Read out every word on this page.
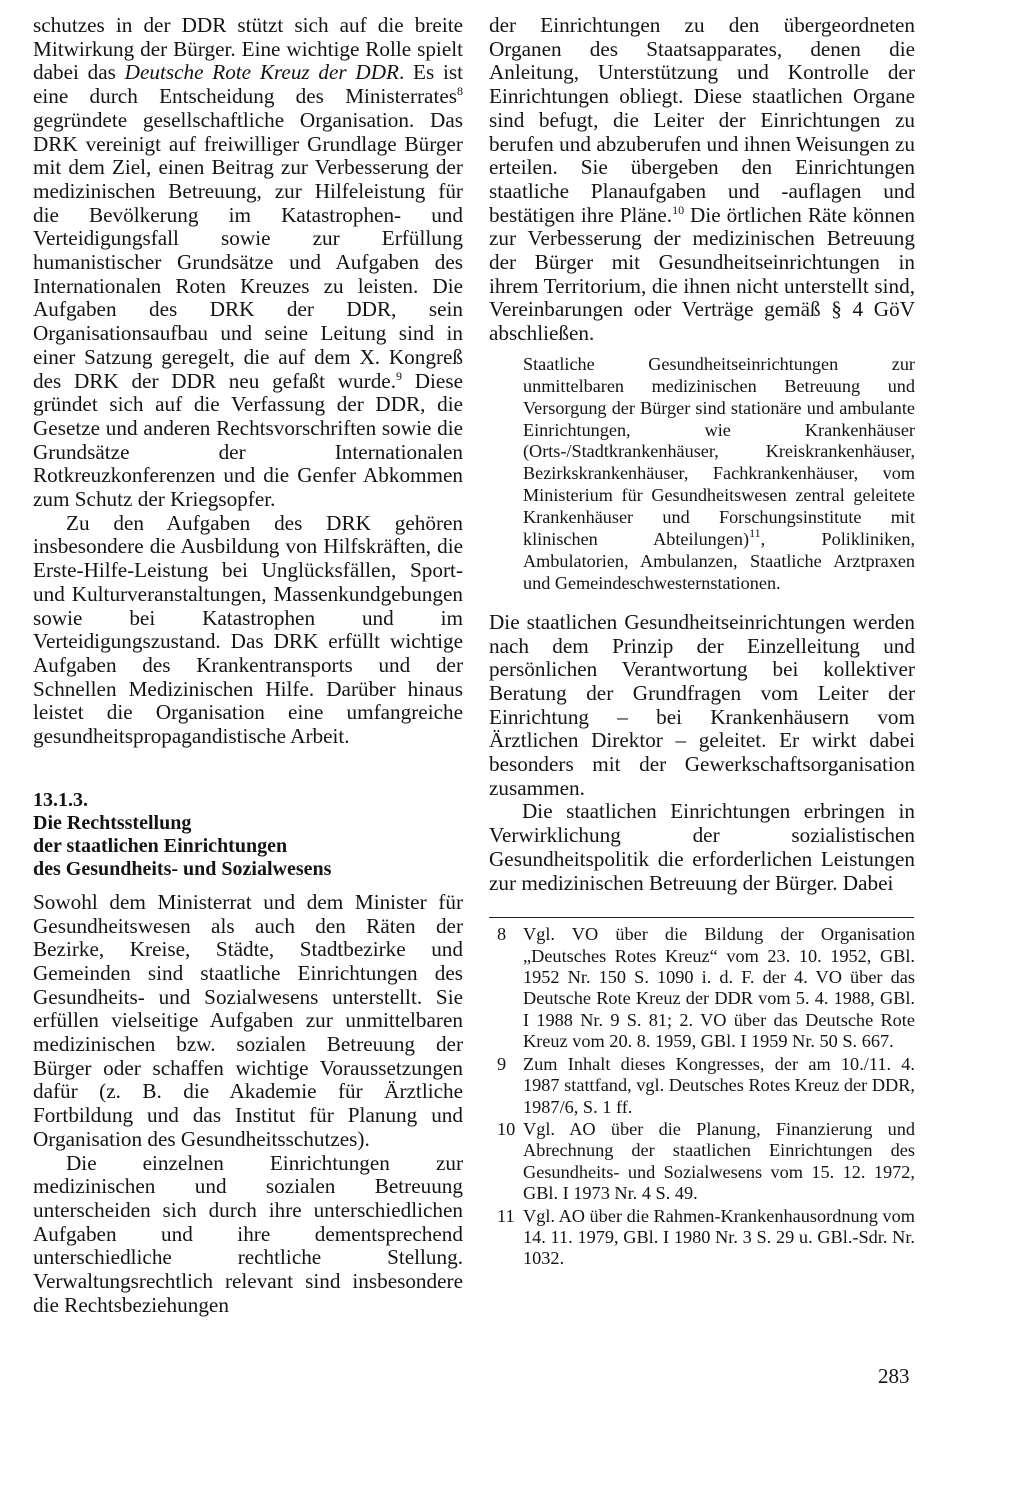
schutzes in der DDR stützt sich auf die breite Mitwirkung der Bürger. Eine wichtige Rolle spielt dabei das Deutsche Rote Kreuz der DDR. Es ist eine durch Entscheidung des Ministerrates$^8$ gegründete gesellschaftliche Organisation. Das DRK vereinigt auf freiwilliger Grundlage Bürger mit dem Ziel, einen Beitrag zur Verbesserung der medizinischen Betreuung, zur Hilfeleistung für die Bevölkerung im Katastrophen- und Verteidigungsfall sowie zur Erfüllung humanistischer Grundsätze und Aufgaben des Internationalen Roten Kreuzes zu leisten. Die Aufgaben des DRK der DDR, sein Organisationsaufbau und seine Leitung sind in einer Satzung geregelt, die auf dem X. Kongreß des DRK der DDR neu gefaßt wurde.$^9$ Diese gründet sich auf die Verfassung der DDR, die Gesetze und anderen Rechtsvorschriften sowie die Grundsätze der Internationalen Rotkreuzkonferenzen und die Genfer Abkommen zum Schutz der Kriegsopfer.

Zu den Aufgaben des DRK gehören insbesondere die Ausbildung von Hilfskräften, die Erste-Hilfe-Leistung bei Unglücksfällen, Sport- und Kulturveranstaltungen, Massenkundgebungen sowie bei Katastrophen und im Verteidigungszustand. Das DRK erfüllt wichtige Aufgaben des Krankentransports und der Schnellen Medizinischen Hilfe. Darüber hinaus leistet die Organisation eine umfangreiche gesundheitspropagandistische Arbeit.

13.1.3.
Die Rechtsstellung
der staatlichen Einrichtungen
des Gesundheits- und Sozialwesens

Sowohl dem Ministerrat und dem Minister für Gesundheitswesen als auch den Räten der Bezirke, Kreise, Städte, Stadtbezirke und Gemeinden sind staatliche Einrichtungen des Gesundheits- und Sozialwesens unterstellt. Sie erfüllen vielseitige Aufgaben zur unmittelbaren medizinischen bzw. sozialen Betreuung der Bürger oder schaffen wichtige Voraussetzungen dafür (z. B. die Akademie für Ärztliche Fortbildung und das Institut für Planung und Organisation des Gesundheitsschutzes).

Die einzelnen Einrichtungen zur medizinischen und sozialen Betreuung unterscheiden sich durch ihre unterschiedlichen Aufgaben und ihre dementsprechend unterschiedliche rechtliche Stellung. Verwaltungsrechtlich relevant sind insbesondere die Rechtsbeziehungen

der Einrichtungen zu den übergeordneten Organen des Staatsapparates, denen die Anleitung, Unterstützung und Kontrolle der Einrichtungen obliegt. Diese staatlichen Organe sind befugt, die Leiter der Einrichtungen zu berufen und abzuberufen und ihnen Weisungen zu erteilen. Sie übergeben den Einrichtungen staatliche Planaufgaben und -auflagen und bestätigen ihre Pläne.$^{10}$ Die örtlichen Räte können zur Verbesserung der medizinischen Betreuung der Bürger mit Gesundheitseinrichtungen in ihrem Territorium, die ihnen nicht unterstellt sind, Vereinbarungen oder Verträge gemäß § 4 GöV abschließen.

Staatliche Gesundheitseinrichtungen zur unmittelbaren medizinischen Betreuung und Versorgung der Bürger sind stationäre und ambulante Einrichtungen, wie Krankenhäuser (Orts-/Stadtkrankenhäuser, Kreiskrankenhäuser, Bezirkskrankenhäuser, Fachkrankenhäuser, vom Ministerium für Gesundheitswesen zentral geleitete Krankenhäuser und Forschungsinstitute mit klinischen Abteilungen)$^{11}$, Polikliniken, Ambulatorien, Ambulanzen, Staatliche Arztpraxen und Gemeindeschwesternstationen.

Die staatlichen Gesundheitseinrichtungen werden nach dem Prinzip der Einzelleitung und persönlichen Verantwortung bei kollektiver Beratung der Grundfragen vom Leiter der Einrichtung – bei Krankenhäusern vom Ärztlichen Direktor – geleitet. Er wirkt dabei besonders mit der Gewerkschaftsorganisation zusammen.

Die staatlichen Einrichtungen erbringen in Verwirklichung der sozialistischen Gesundheitspolitik die erforderlichen Leistungen zur medizinischen Betreuung der Bürger. Dabei

8 Vgl. VO über die Bildung der Organisation „Deutsches Rotes Kreuz“ vom 23. 10. 1952, GBl. 1952 Nr. 150 S. 1090 i. d. F. der 4. VO über das Deutsche Rote Kreuz der DDR vom 5. 4. 1988, GBl. I 1988 Nr. 9 S. 81; 2. VO über das Deutsche Rote Kreuz vom 20. 8. 1959, GBl. I 1959 Nr. 50 S. 667.
9 Zum Inhalt dieses Kongresses, der am 10./11. 4. 1987 stattfand, vgl. Deutsches Rotes Kreuz der DDR, 1987/6, S. 1 ff.
10 Vgl. AO über die Planung, Finanzierung und Abrechnung der staatlichen Einrichtungen des Gesundheits- und Sozialwesens vom 15. 12. 1972, GBl. I 1973 Nr. 4 S. 49.
11 Vgl. AO über die Rahmen-Krankenhausordnung vom 14. 11. 1979, GBl. I 1980 Nr. 3 S. 29 u. GBl.-Sdr. Nr. 1032.
283
